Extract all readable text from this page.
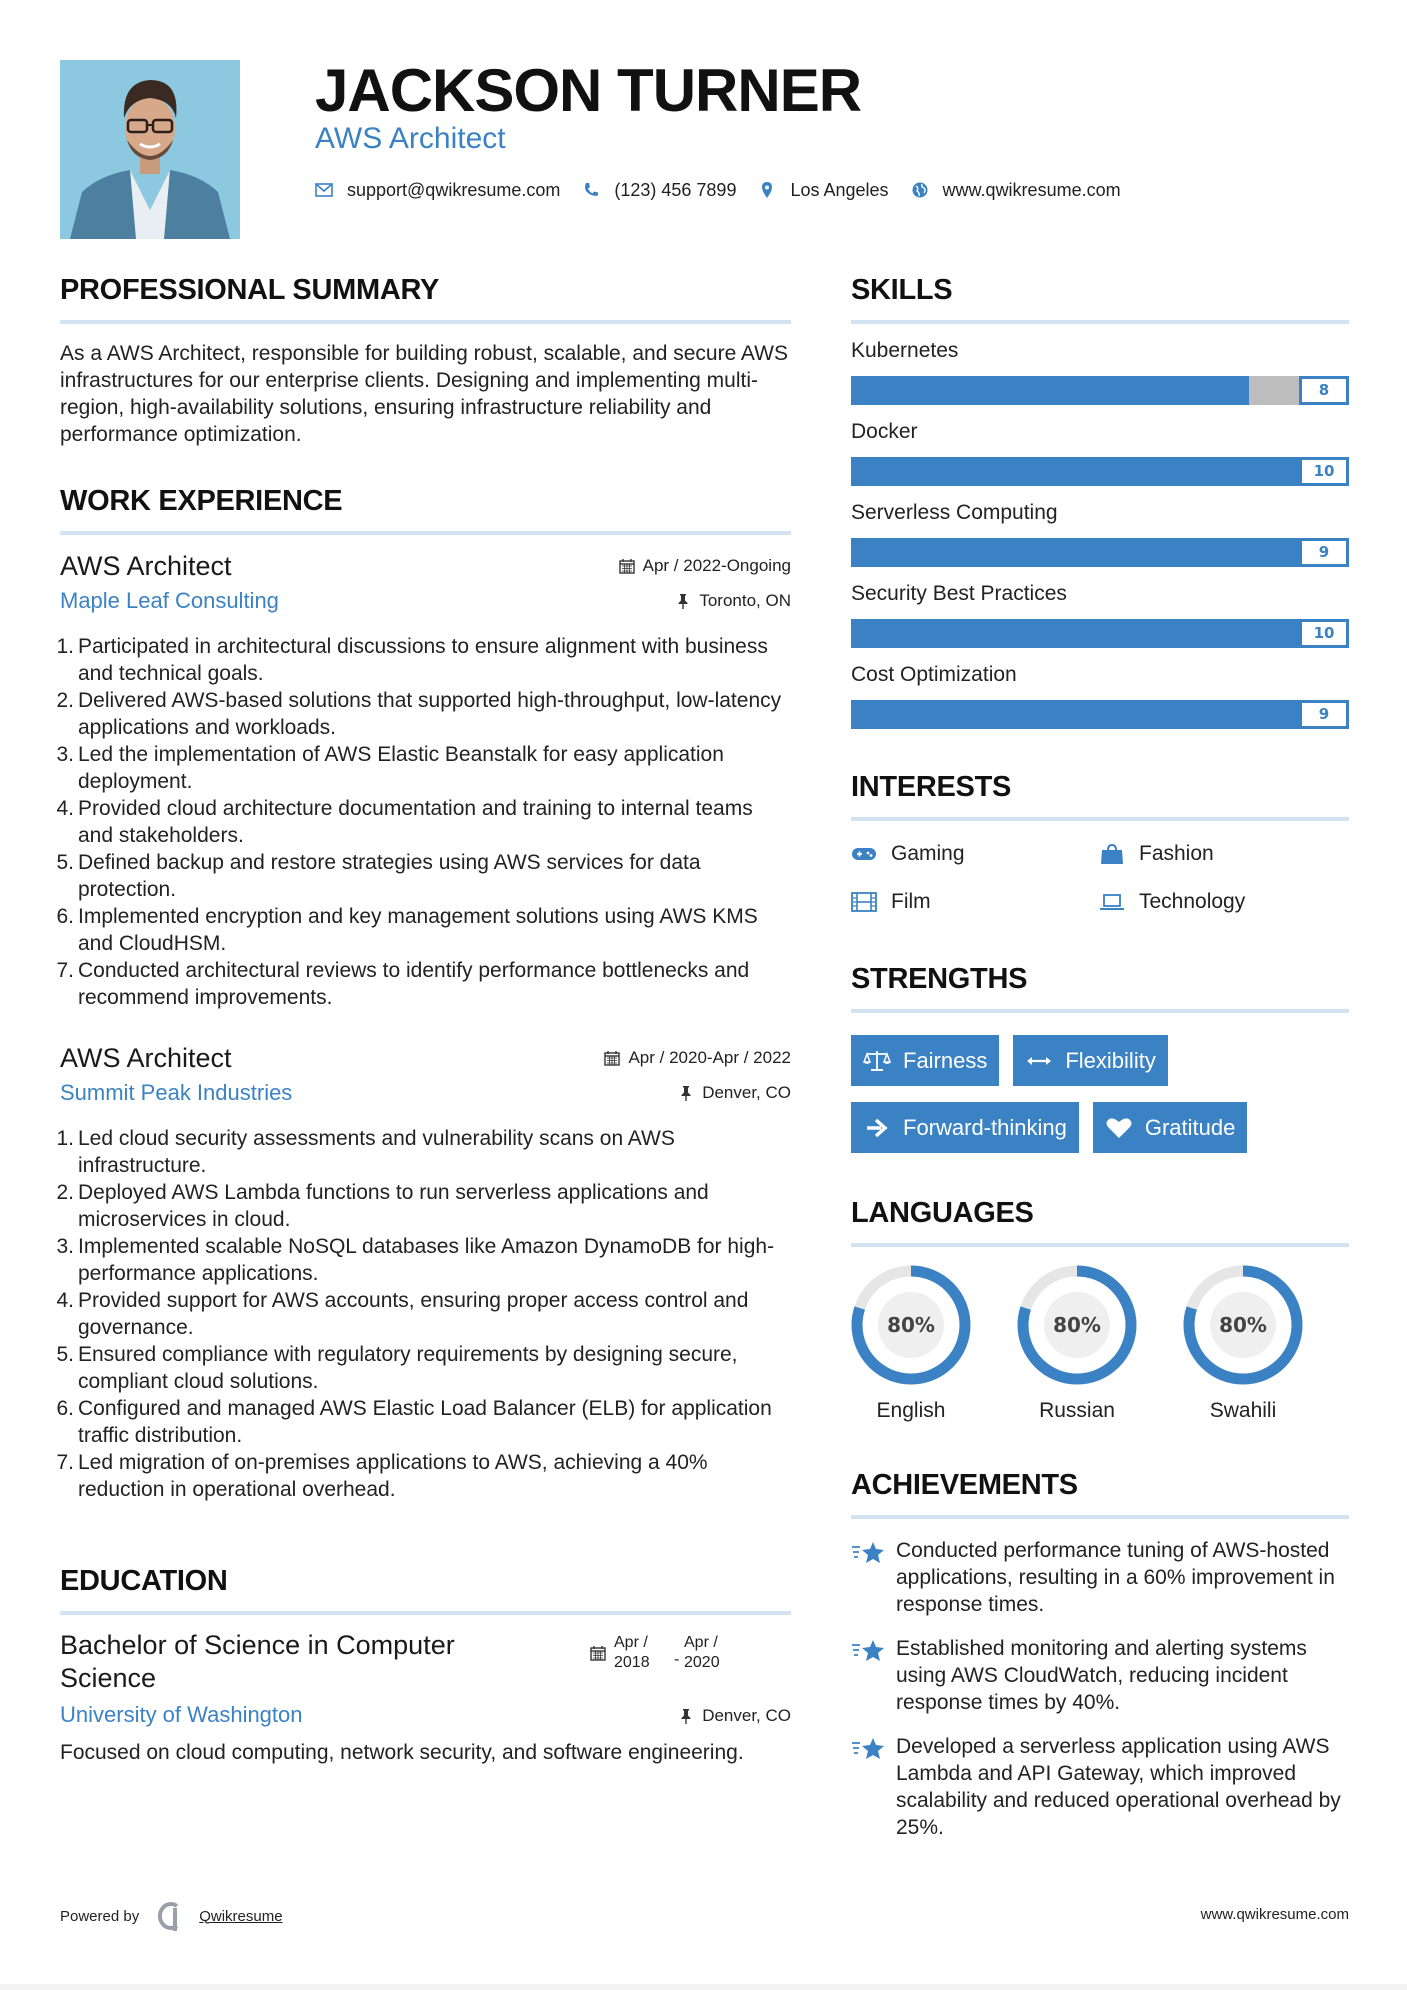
JACKSON TURNER
AWS Architect
support@qwikresume.com	(123) 456 7899	Los Angeles	www.qwikresume.com
PROFESSIONAL SUMMARY

As a AWS Architect, responsible for building robust, scalable, and secure AWS infrastructures for our enterprise clients. Designing and implementing multi-region, high-availability solutions, ensuring infrastructure reliability and performance optimization.

WORK EXPERIENCE
AWS Architect
Maple Leaf Consulting
Apr / 2022-Ongoing
Toronto, ON
1. Participated in architectural discussions to ensure alignment with business and technical goals.
2. Delivered AWS-based solutions that supported high-throughput, low-latency applications and workloads.
3. Led the implementation of AWS Elastic Beanstalk for easy application deployment.
4. Provided cloud architecture documentation and training to internal teams and stakeholders.
5. Defined backup and restore strategies using AWS services for data protection.
6. Implemented encryption and key management solutions using AWS KMS and CloudHSM.
7. Conducted architectural reviews to identify performance bottlenecks and recommend improvements.
AWS Architect
Summit Peak Industries
Apr / 2020-Apr / 2022
Denver, CO
1. Led cloud security assessments and vulnerability scans on AWS infrastructure.
2. Deployed AWS Lambda functions to run serverless applications and microservices in cloud.
3. Implemented scalable NoSQL databases like Amazon DynamoDB for high-performance applications.
4. Provided support for AWS accounts, ensuring proper access control and governance.
5. Ensured compliance with regulatory requirements by designing secure, compliant cloud solutions.
6. Configured and managed AWS Elastic Load Balancer (ELB) for application traffic distribution.
7. Led migration of on-premises applications to AWS, achieving a 40% reduction in operational overhead.
EDUCATION
Bachelor of Science in Computer Science
University of Washington
Apr / 2018	-
Apr / 2020
Denver, CO

Focused on cloud computing, network security, and software engineering.

SKILLS
Kubernetes
8
Docker
10
Serverless Computing
9
Security Best Practices
10
Cost Optimization
9
INTERESTS
Gaming	Fashion
Film	Technology
STRENGTHS
Fairness	Flexibility
Forward-thinking	Gratitude
LANGUAGES
80%
English
80%
Russian
80%
Swahili
ACHIEVEMENTS
Conducted performance tuning of AWS-hosted applications, resulting in a 60% improvement in response times.
Established monitoring and alerting systems using AWS CloudWatch, reducing incident response times by 40%.
Developed a serverless application using AWS Lambda and API Gateway, which improved scalability and reduced operational overhead by 25%.
Powered by	Qwikresume	www.qwikresume.com
